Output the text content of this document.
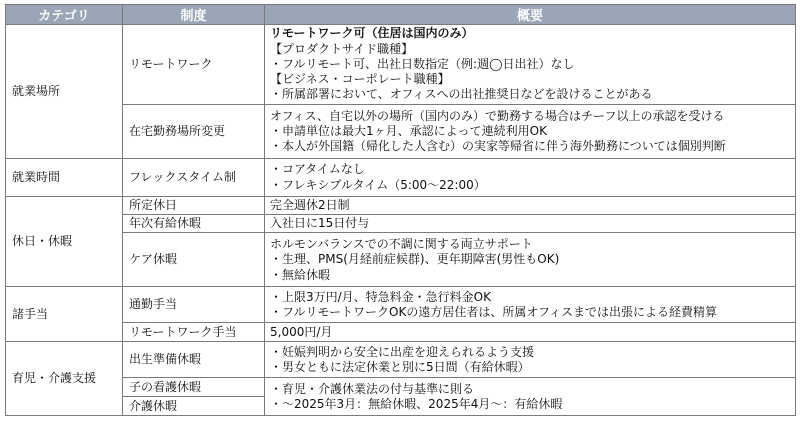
カテゴリ	制度	概要
就業場所	リモートワーク	リモートワーク可（住居は国内のみ）
【プロダクトサイド職種】
・フルリモート可、出社日数指定（例:週◯日出社）なし
【ビジネス・コーポレート職種】
・所属部署において、オフィスへの出社推奨日などを設けることがある

	在宅勤務場所変更	オフィス、自宅以外の場所（国内のみ）で勤務する場合はチーフ以上の承認を受ける
・申請単位は最大1ヶ月、承認によって連続利用OK
・本人が外国籍（帰化した人含む）の実家等帰省に伴う海外勤務については個別判断

就業時間	フレックスタイム制	・コアタイムなし
・フレキシブルタイム（5:00〜22:00）

休日・休暇	所定休日	完全週休2日制

	年次有給休暇	入社日に15日付与

	ケア休暇	ホルモンバランスでの不調に関する両立サポート
・生理、PMS(月経前症候群)、更年期障害(男性もOK)
・無給休暇

諸手当	通勤手当	・上限3万円/月、特急料金・急行料金OK
・フルリモートワークOKの遠方居住者は、所属オフィスまでは出張による経費精算

	リモートワーク手当	5,000円/月

育児・介護支援	出生準備休暇	・妊娠判明から安全に出産を迎えられるよう支援
・男女ともに法定休業と別に5日間（有給休暇）

	子の看護休暇	・育児・介護休業法の付与基準に則る
・〜2025年3月：無給休暇、2025年4月〜：有給休暇

	介護休暇	
